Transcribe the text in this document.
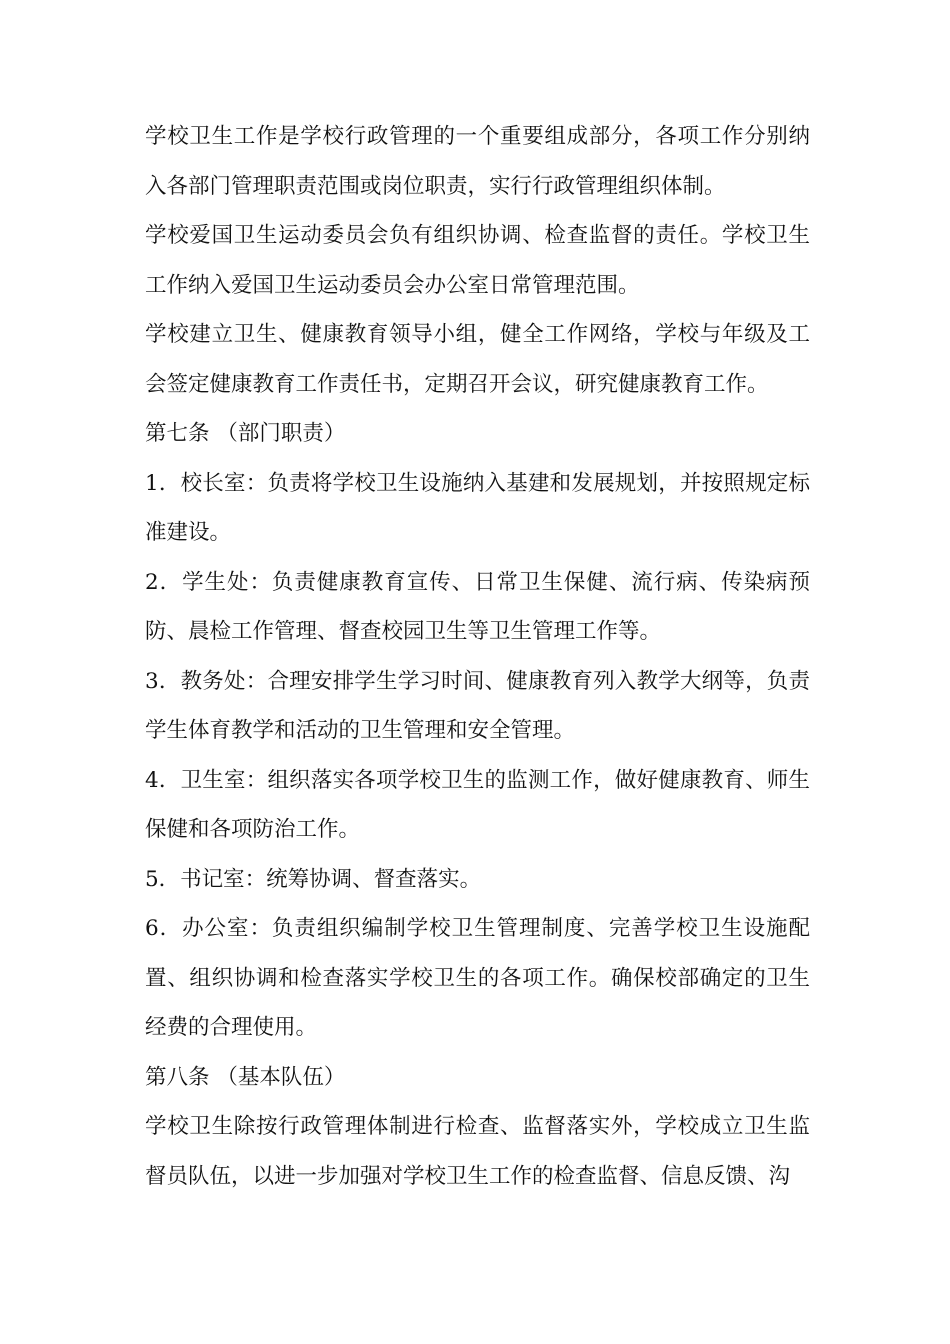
学校卫生工作是学校行政管理的一个重要组成部分，各项工作分别纳入各部门管理职责范围或岗位职责，实行行政管理组织体制。

学校爱国卫生运动委员会负有组织协调、检查监督的责任。学校卫生工作纳入爱国卫生运动委员会办公室日常管理范围。

学校建立卫生、健康教育领导小组，健全工作网络，学校与年级及工会签定健康教育工作责任书，定期召开会议，研究健康教育工作。

第七条 （部门职责）

1．校长室：负责将学校卫生设施纳入基建和发展规划，并按照规定标准建设。

2．学生处：负责健康教育宣传、日常卫生保健、流行病、传染病预防、晨检工作管理、督查校园卫生等卫生管理工作等。

3．教务处：合理安排学生学习时间、健康教育列入教学大纲等，负责学生体育教学和活动的卫生管理和安全管理。

4．卫生室：组织落实各项学校卫生的监测工作，做好健康教育、师生保健和各项防治工作。

5．书记室：统筹协调、督查落实。

6．办公室：负责组织编制学校卫生管理制度、完善学校卫生设施配置、组织协调和检查落实学校卫生的各项工作。确保校部确定的卫生经费的合理使用。

第八条 （基本队伍）

学校卫生除按行政管理体制进行检查、监督落实外，学校成立卫生监督员队伍，以进一步加强对学校卫生工作的检查监督、信息反馈、沟
